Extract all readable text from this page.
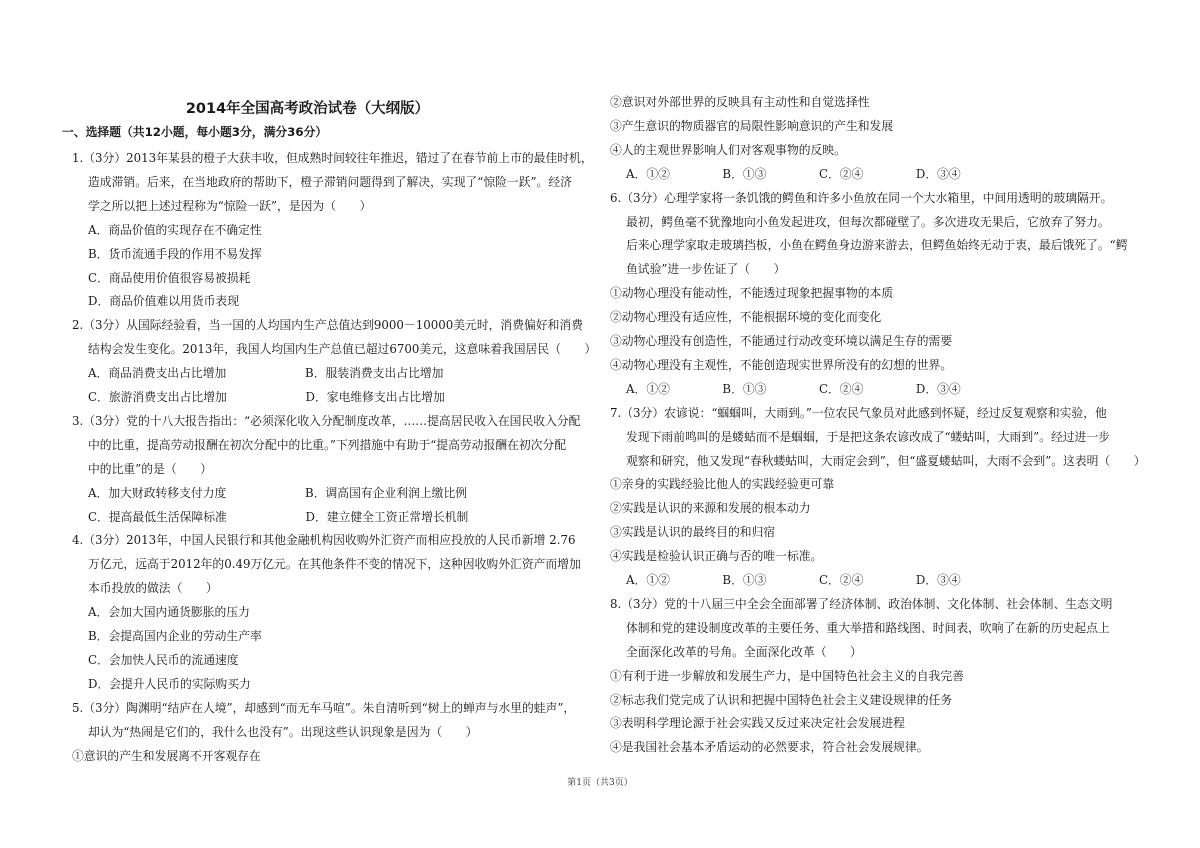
2014年全国高考政治试卷（大纲版）
一、选择题（共12小题，每小题3分，满分36分）
1.（3分）2013年某县的橙子大获丰收，但成熟时间较往年推迟，错过了在春节前上市的最佳时机，
造成滞销。后来，在当地政府的帮助下，橙子滞销问题得到了解决，实现了“惊险一跃”。经济
学之所以把上述过程称为“惊险一跃”，是因为（　　）
A．商品价值的实现存在不确定性
B．货币流通手段的作用不易发挥
C．商品使用价值很容易被损耗
D．商品价值难以用货币表现
2.（3分）从国际经验看，当一国的人均国内生产总值达到9000－10000美元时，消费偏好和消费
结构会发生变化。2013年，我国人均国内生产总值已超过6700美元，这意味着我国居民（　　）
A．商品消费支出占比增加                     B．服装消费支出占比增加
C．旅游消费支出占比增加                     D．家电维修支出占比增加
3.（3分）党的十八大报告指出：“必须深化收入分配制度改革，……提高居民收入在国民收入分配
中的比重，提高劳动报酬在初次分配中的比重。”下列措施中有助于“提高劳动报酬在初次分配
中的比重”的是（　　）
A．加大财政转移支付力度                     B．调高国有企业利润上缴比例
C．提高最低生活保障标准                     D．建立健全工资正常增长机制
4.（3分）2013年，中国人民银行和其他金融机构因收购外汇资产而相应投放的人民币新增 2.76
万亿元，远高于2012年的0.49万亿元。在其他条件不变的情况下，这种因收购外汇资产而增加
本币投放的做法（　　）
A．会加大国内通货膨胀的压力
B．会提高国内企业的劳动生产率
C．会加快人民币的流通速度
D．会提升人民币的实际购买力
5.（3分）陶渊明“结庐在人境”，却感到“而无车马喧”。朱自清听到“树上的蝉声与水里的蛙声”，
却认为“热闹是它们的，我什么也没有”。出现这些认识现象是因为（　　）
①意识的产生和发展离不开客观存在
②意识对外部世界的反映具有主动性和自觉选择性
③产生意识的物质器官的局限性影响意识的产生和发展
④人的主观世界影响人们对客观事物的反映。
A．①②              B．①③              C．②④              D．③④
6.（3分）心理学家将一条饥饿的鳄鱼和许多小鱼放在同一个大水箱里，中间用透明的玻璃隔开。
最初，鳄鱼毫不犹豫地向小鱼发起进攻，但每次都碰壁了。多次进攻无果后，它放弃了努力。
后来心理学家取走玻璃挡板，小鱼在鳄鱼身边游来游去，但鳄鱼始终无动于衷，最后饿死了。“鳄
鱼试验”进一步佐证了（　　）
①动物心理没有能动性，不能透过现象把握事物的本质
②动物心理没有适应性，不能根据环境的变化而变化
③动物心理没有创造性，不能通过行动改变环境以满足生存的需要
④动物心理没有主观性，不能创造现实世界所没有的幻想的世界。
A．①②              B．①③              C．②④              D．③④
7.（3分）农谚说：“蝈蝈叫，大雨到。”一位农民气象员对此感到怀疑，经过反复观察和实验，他
发现下雨前鸣叫的是蝼蛄而不是蝈蝈，于是把这条农谚改成了“蝼蛄叫，大雨到”。经过进一步
观察和研究，他又发现“春秋蝼蛄叫，大雨定会到”，但“盛夏蝼蛄叫，大雨不会到”。这表明（　　）
①亲身的实践经验比他人的实践经验更可靠
②实践是认识的来源和发展的根本动力
③实践是认识的最终目的和归宿
④实践是检验认识正确与否的唯一标准。
A．①②              B．①③              C．②④              D．③④
8.（3分）党的十八届三中全会全面部署了经济体制、政治体制、文化体制、社会体制、生态文明
体制和党的建设制度改革的主要任务、重大举措和路线图、时间表，吹响了在新的历史起点上
全面深化改革的号角。全面深化改革（　　）
①有利于进一步解放和发展生产力，是中国特色社会主义的自我完善
②标志我们党完成了认识和把握中国特色社会主义建设规律的任务
③表明科学理论源于社会实践又反过来决定社会发展进程
④是我国社会基本矛盾运动的必然要求，符合社会发展规律。
第1页（共3页）
